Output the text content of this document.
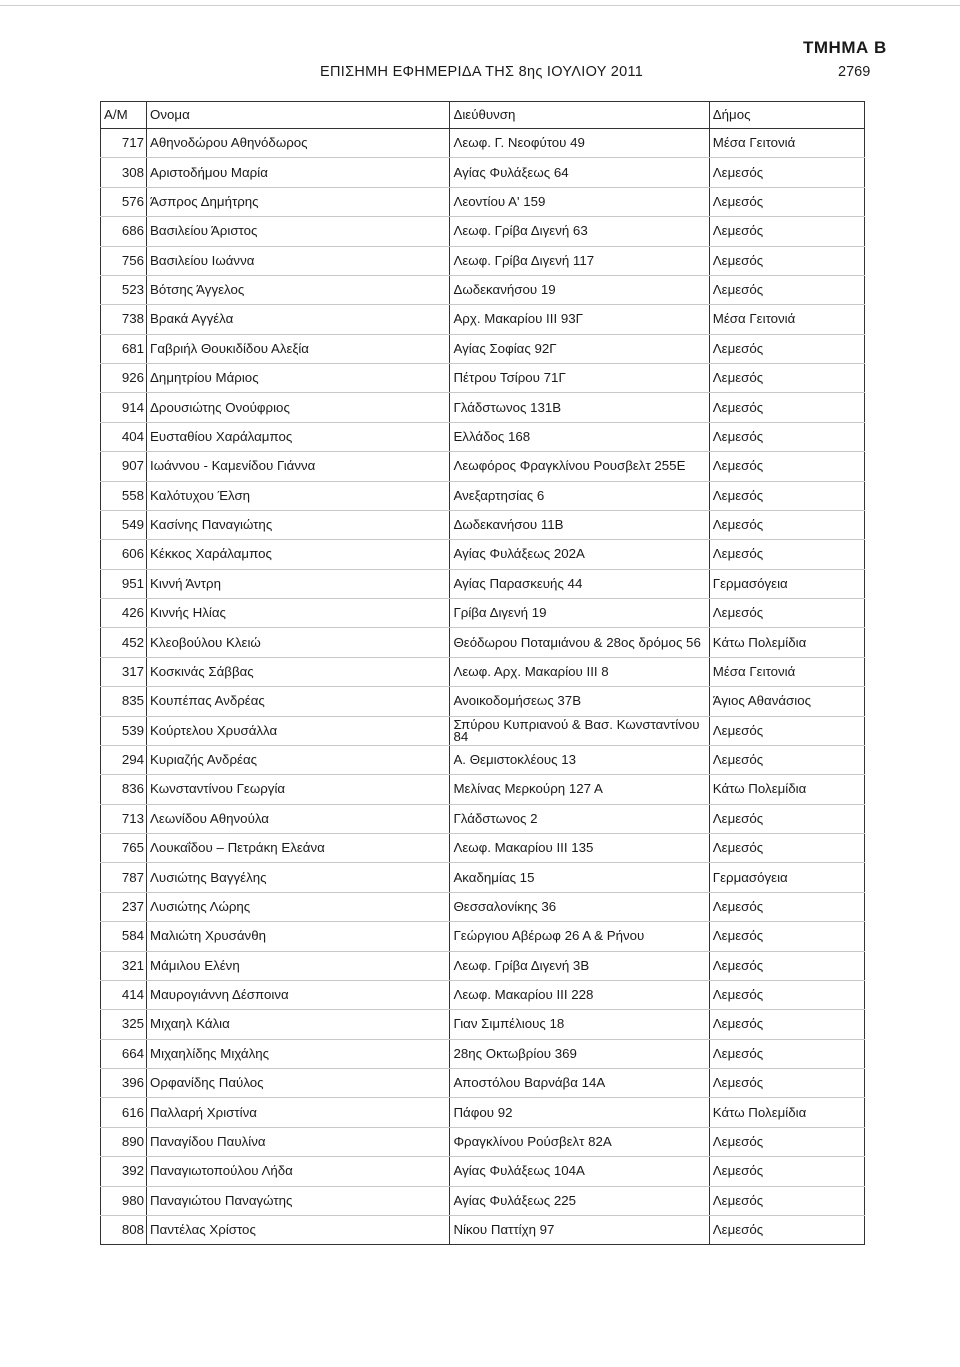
ΤΜΗΜΑ Β
ΕΠΙΣΗΜΗ ΕΦΗΜΕΡΙΔΑ ΤΗΣ 8ης ΙΟΥΛΙΟΥ 2011	2769
Α/Μ	Ονομα	Διεύθυνση	Δήμος
717	Αθηνοδώρου Αθηνόδωρος	Λεωφ. Γ. Νεοφύτου 49	Μέσα Γειτονιά
308	Αριστοδήμου Μαρία	Αγίας Φυλάξεως 64	Λεμεσός
576	Άσπρος Δημήτρης	Λεοντίου Α' 159	Λεμεσός
686	Βασιλείου Άριστος	Λεωφ. Γρίβα Διγενή 63	Λεμεσός
756	Βασιλείου Ιωάννα	Λεωφ. Γρίβα Διγενή 117	Λεμεσός
523	Βότσης Άγγελος	Δωδεκανήσου 19	Λεμεσός
738	Βρακά Αγγέλα	Αρχ. Μακαρίου III 93Γ	Μέσα Γειτονιά
681	Γαβριήλ Θουκιδίδου Αλεξία	Αγίας Σοφίας 92Γ	Λεμεσός
926	Δημητρίου Μάριος	Πέτρου Τσίρου 71Γ	Λεμεσός
914	Δρουσιώτης Ονούφριος	Γλάδστωνος 131Β	Λεμεσός
404	Ευσταθίου Χαράλαμπος	Ελλάδος 168	Λεμεσός
907	Ιωάννου - Καμενίδου Γιάννα	Λεωφόρος Φραγκλίνου Ρουσβελτ 255Ε	Λεμεσός
558	Καλότυχου Έλση	Ανεξαρτησίας 6	Λεμεσός
549	Κασίνης Παναγιώτης	Δωδεκανήσου 11Β	Λεμεσός
606	Κέκκος Χαράλαμπος	Αγίας Φυλάξεως 202Α	Λεμεσός
951	Κιννή Άντρη	Αγίας Παρασκευής 44	Γερμασόγεια
426	Κιννής Ηλίας	Γρίβα Διγενή 19	Λεμεσός
452	Κλεοβούλου Κλειώ	Θεόδωρου Ποταμιάνου & 28ος δρόμος 56	Κάτω Πολεμίδια
317	Κοσκινάς Σάββας	Λεωφ. Αρχ. Μακαρίου III 8	Μέσα Γειτονιά
835	Κουπέπας Ανδρέας	Ανοικοδομήσεως 37Β	Άγιος Αθανάσιος
539	Κούρτελου Χρυσάλλα	Σπύρου Κυπριανού & Βασ. Κωνσταντίνου 84	Λεμεσός
294	Κυριαζής Ανδρέας	Α. Θεμιστοκλέους 13	Λεμεσός
836	Κωνσταντίνου Γεωργία	Μελίνας Μερκούρη 127 Α	Κάτω Πολεμίδια
713	Λεωνίδου Αθηνούλα	Γλάδστωνος 2	Λεμεσός
765	Λουκαΐδου – Πετράκη Ελεάνα	Λεωφ. Μακαρίου III 135	Λεμεσός
787	Λυσιώτης Βαγγέλης	Ακαδημίας 15	Γερμασόγεια
237	Λυσιώτης Λώρης	Θεσσαλονίκης 36	Λεμεσός
584	Μαλιώτη Χρυσάνθη	Γεώργιου Αβέρωφ 26 Α & Ρήνου	Λεμεσός
321	Μάμιλου Ελένη	Λεωφ. Γρίβα Διγενή 3Β	Λεμεσός
414	Μαυρογιάννη Δέσποινα	Λεωφ. Μακαρίου III 228	Λεμεσός
325	Μιχαηλ Κάλια	Γιαν Σιμπέλιους 18	Λεμεσός
664	Μιχαηλίδης Μιχάλης	28ης Οκτωβρίου 369	Λεμεσός
396	Ορφανίδης Παύλος	Αποστόλου Βαρνάβα 14Α	Λεμεσός
616	Παλλαρή Χριστίνα	Πάφου 92	Κάτω Πολεμίδια
890	Παναγίδου Παυλίνα	Φραγκλίνου Ρούσβελτ 82Α	Λεμεσός
392	Παναγιωτοπούλου Λήδα	Αγίας Φυλάξεως 104Α	Λεμεσός
980	Παναγιώτου Παναγώτης	Αγίας Φυλάξεως 225	Λεμεσός
808	Παντέλας Χρίστος	Νίκου Παττίχη 97	Λεμεσός
